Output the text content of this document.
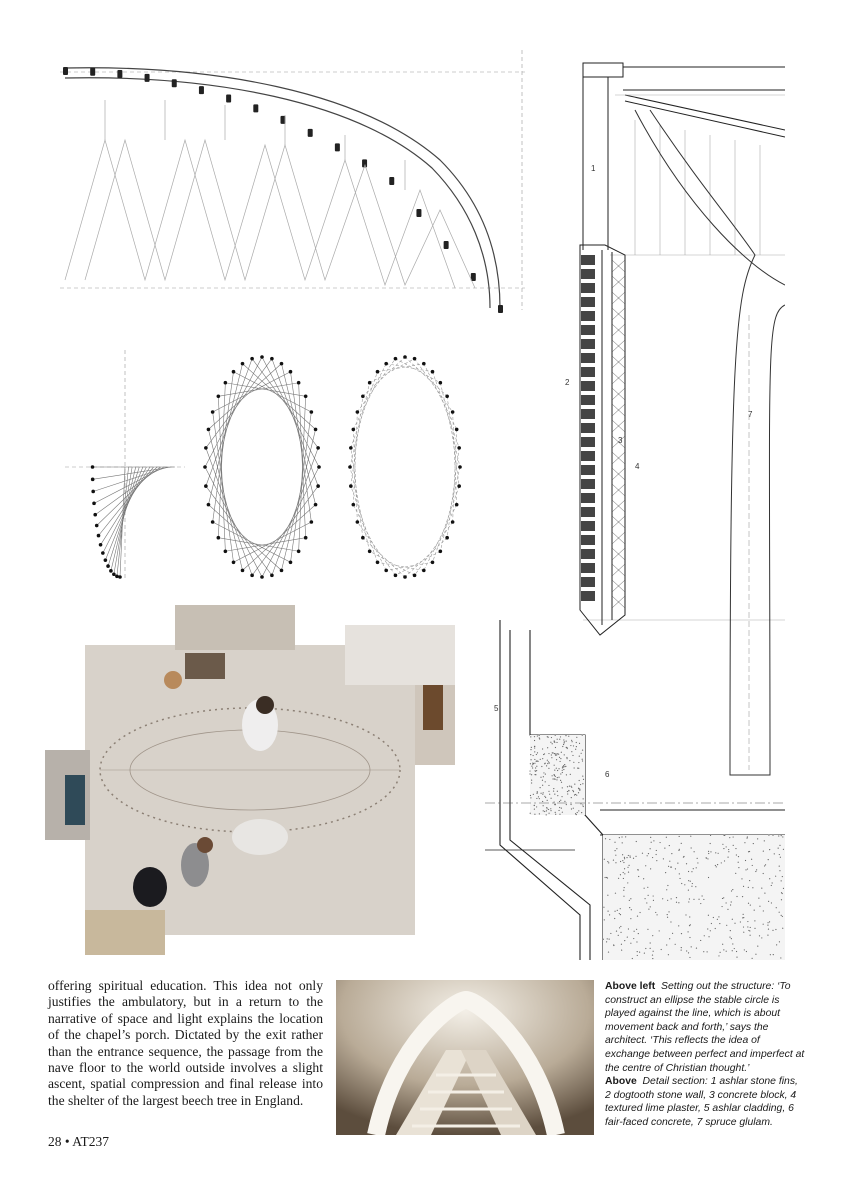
1
2
3
4
5
6
7
offering spiritual education. This idea not only justifies the ambulatory, but in a return to the narrative of space and light explains the location of the chapel’s porch. Dictated by the exit rather than the entrance sequence, the passage from the nave floor to the world outside involves a slight ascent, spatial compression and final release into the shelter of the largest beech tree in England.
28 • AT237
Above left Setting out the structure: ‘To construct an ellipse the stable circle is played against the line, which is about movement back and forth,’ says the architect. ‘This reflects the idea of exchange between perfect and imperfect at the centre of Christian thought.’
Above Detail section: 1 ashlar stone fins, 2 dogtooth stone wall, 3 concrete block, 4 textured lime plaster, 5 ashlar cladding, 6 fair-faced concrete, 7 spruce glulam.
